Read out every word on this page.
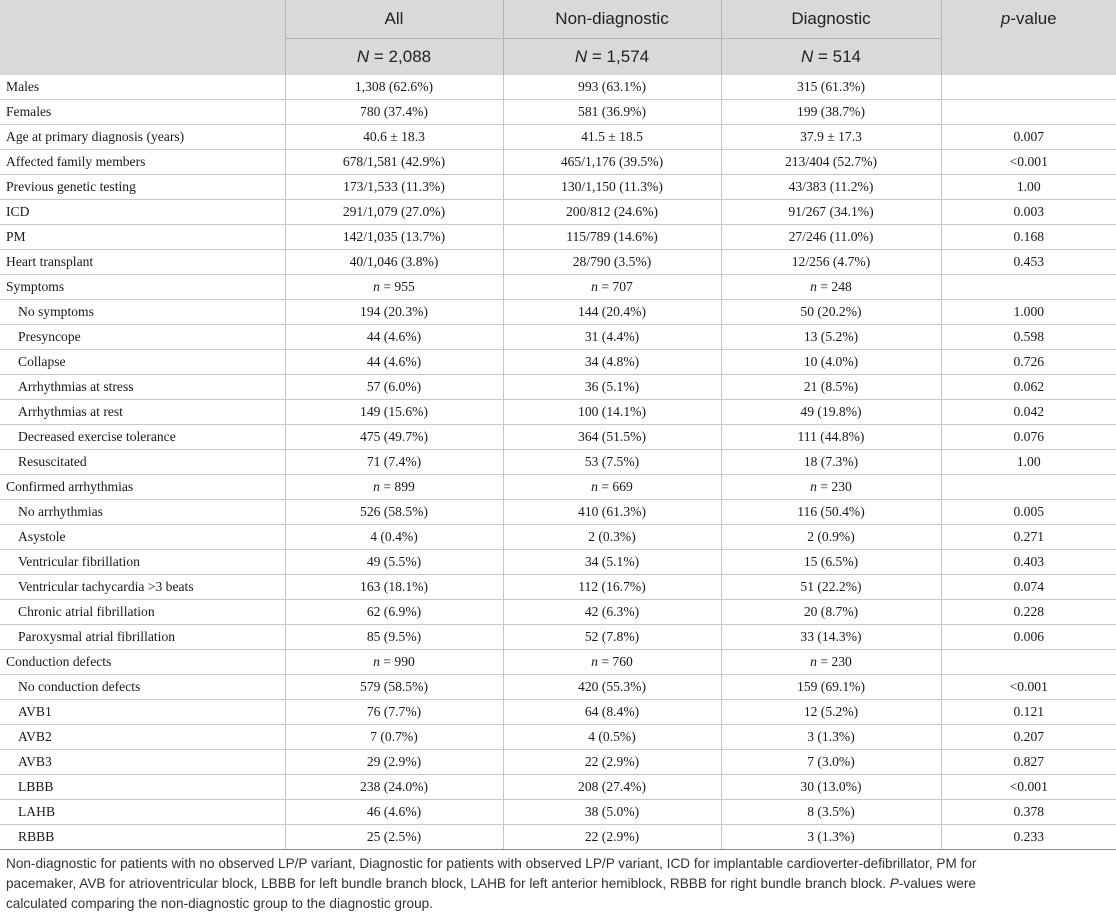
	All	Non-diagnostic	Diagnostic	p-value
	N = 2,088	N = 1,574	N = 514	
Males	1,308 (62.6%)	993 (63.1%)	315 (61.3%)	
Females	780 (37.4%)	581 (36.9%)	199 (38.7%)	
Age at primary diagnosis (years)	40.6 ± 18.3	41.5 ± 18.5	37.9 ± 17.3	0.007
Affected family members	678/1,581 (42.9%)	465/1,176 (39.5%)	213/404 (52.7%)	<0.001
Previous genetic testing	173/1,533 (11.3%)	130/1,150 (11.3%)	43/383 (11.2%)	1.00
ICD	291/1,079 (27.0%)	200/812 (24.6%)	91/267 (34.1%)	0.003
PM	142/1,035 (13.7%)	115/789 (14.6%)	27/246 (11.0%)	0.168
Heart transplant	40/1,046 (3.8%)	28/790 (3.5%)	12/256 (4.7%)	0.453
Symptoms	n = 955	n = 707	n = 248	
No symptoms	194 (20.3%)	144 (20.4%)	50 (20.2%)	1.000
Presyncope	44 (4.6%)	31 (4.4%)	13 (5.2%)	0.598
Collapse	44 (4.6%)	34 (4.8%)	10 (4.0%)	0.726
Arrhythmias at stress	57 (6.0%)	36 (5.1%)	21 (8.5%)	0.062
Arrhythmias at rest	149 (15.6%)	100 (14.1%)	49 (19.8%)	0.042
Decreased exercise tolerance	475 (49.7%)	364 (51.5%)	111 (44.8%)	0.076
Resuscitated	71 (7.4%)	53 (7.5%)	18 (7.3%)	1.00
Confirmed arrhythmias	n = 899	n = 669	n = 230	
No arrhythmias	526 (58.5%)	410 (61.3%)	116 (50.4%)	0.005
Asystole	4 (0.4%)	2 (0.3%)	2 (0.9%)	0.271
Ventricular fibrillation	49 (5.5%)	34 (5.1%)	15 (6.5%)	0.403
Ventricular tachycardia >3 beats	163 (18.1%)	112 (16.7%)	51 (22.2%)	0.074
Chronic atrial fibrillation	62 (6.9%)	42 (6.3%)	20 (8.7%)	0.228
Paroxysmal atrial fibrillation	85 (9.5%)	52 (7.8%)	33 (14.3%)	0.006
Conduction defects	n = 990	n = 760	n = 230	
No conduction defects	579 (58.5%)	420 (55.3%)	159 (69.1%)	<0.001
AVB1	76 (7.7%)	64 (8.4%)	12 (5.2%)	0.121
AVB2	7 (0.7%)	4 (0.5%)	3 (1.3%)	0.207
AVB3	29 (2.9%)	22 (2.9%)	7 (3.0%)	0.827
LBBB	238 (24.0%)	208 (27.4%)	30 (13.0%)	<0.001
LAHB	46 (4.6%)	38 (5.0%)	8 (3.5%)	0.378
RBBB	25 (2.5%)	22 (2.9%)	3 (1.3%)	0.233
Non-diagnostic for patients with no observed LP/P variant, Diagnostic for patients with observed LP/P variant, ICD for implantable cardioverter-defibrillator, PM for
pacemaker, AVB for atrioventricular block, LBBB for left bundle branch block, LAHB for left anterior hemiblock, RBBB for right bundle branch block. P-values were
calculated comparing the non-diagnostic group to the diagnostic group.
